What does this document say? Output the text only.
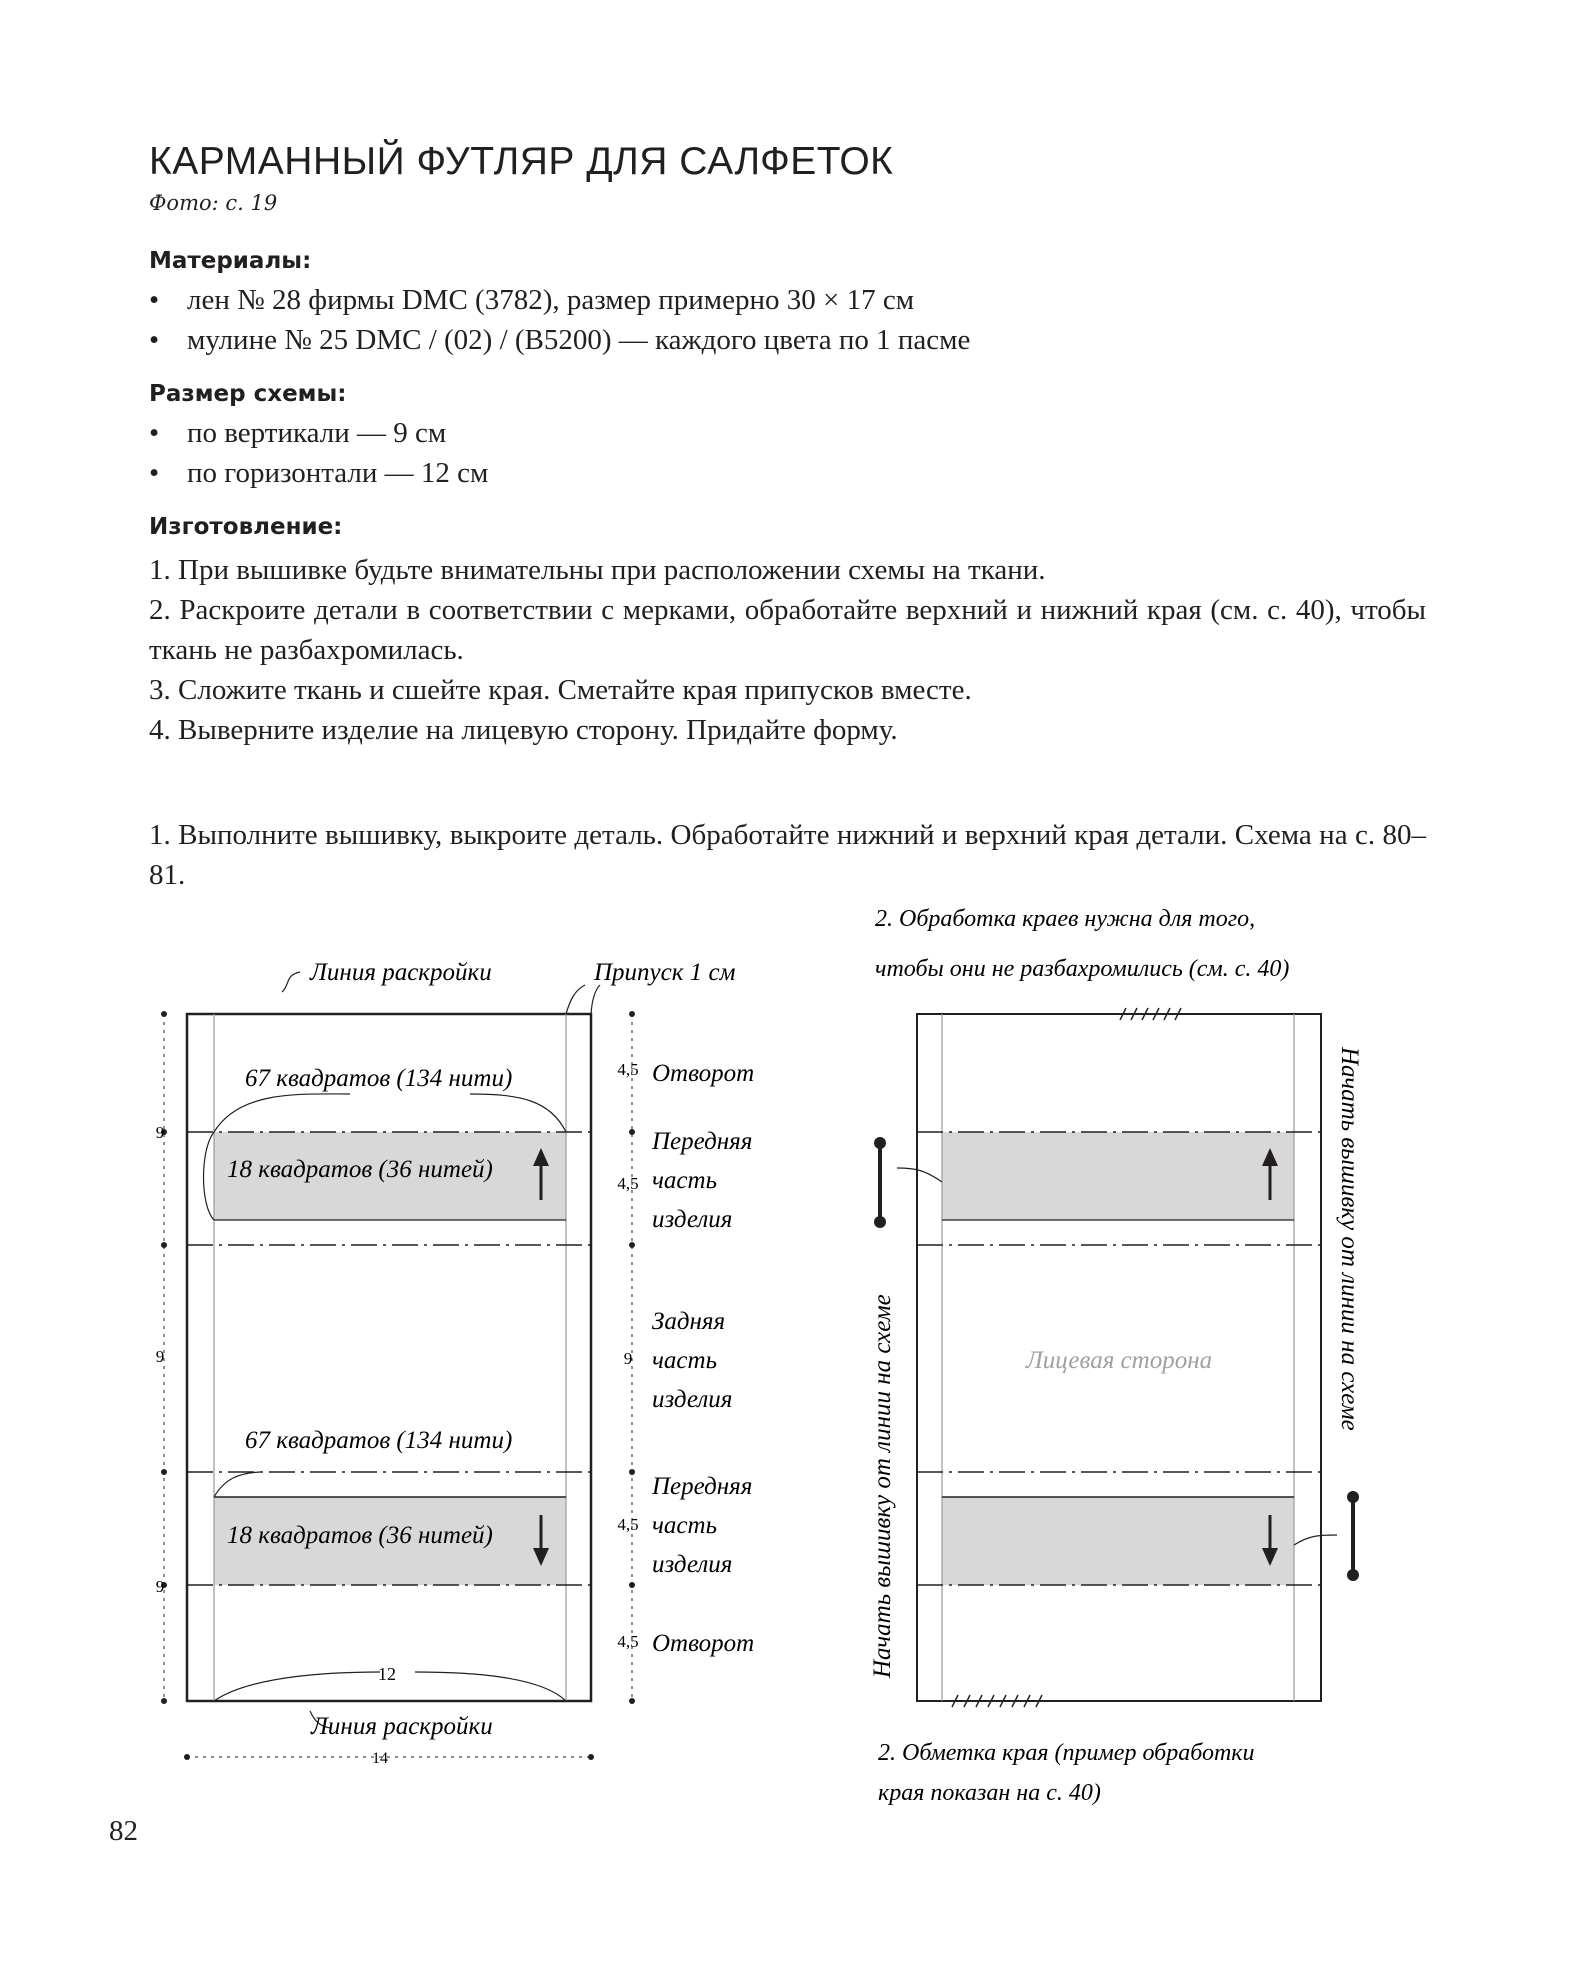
КАРМАННЫЙ ФУТЛЯР ДЛЯ САЛФЕТОК
Фото: с. 19
Материалы:
• лен № 28 фирмы DMC (3782), размер примерно 30 × 17 см
• мулине № 25 DMC / (02) / (B5200) — каждого цвета по 1 пасме
Размер схемы:
• по вертикали — 9 см
• по горизонтали — 12 см
Изготовление:
1. При вышивке будьте внимательны при расположении схемы на ткани.
2. Раскроите детали в соответствии с мерками, обработайте верхний и нижний края (см. с. 40), чтобы ткань не разбахромилась.
3. Сложите ткань и сшейте края. Сметайте края припусков вместе.
4. Выверните изделие на лицевую сторону. Придайте форму.
1. Выполните вышивку, выкроите деталь. Обработайте нижний и верхний края детали. Схема на с. 80–81.
Линия раскройки	Припуск 1 см
67 квадратов (134 нити)
18 квадратов (36 нитей)
67 квадратов (134 нити)
18 квадратов (36 нитей)
12
Линия раскройки
14
9
9
9
4,5
4,5
9
4,5
4,5
Отворот
Передняя
часть
изделия
Задняя
часть
изделия
Передняя
часть
изделия
Отворот
2. Обработка краев нужна для того,
чтобы они не разбахромились (см. с. 40)
Лицевая сторона
Начать вышивку от линии на схеме
Начать вышивку от линии на схеме
2. Обметка края (пример обработки
края показан на с. 40)
82
